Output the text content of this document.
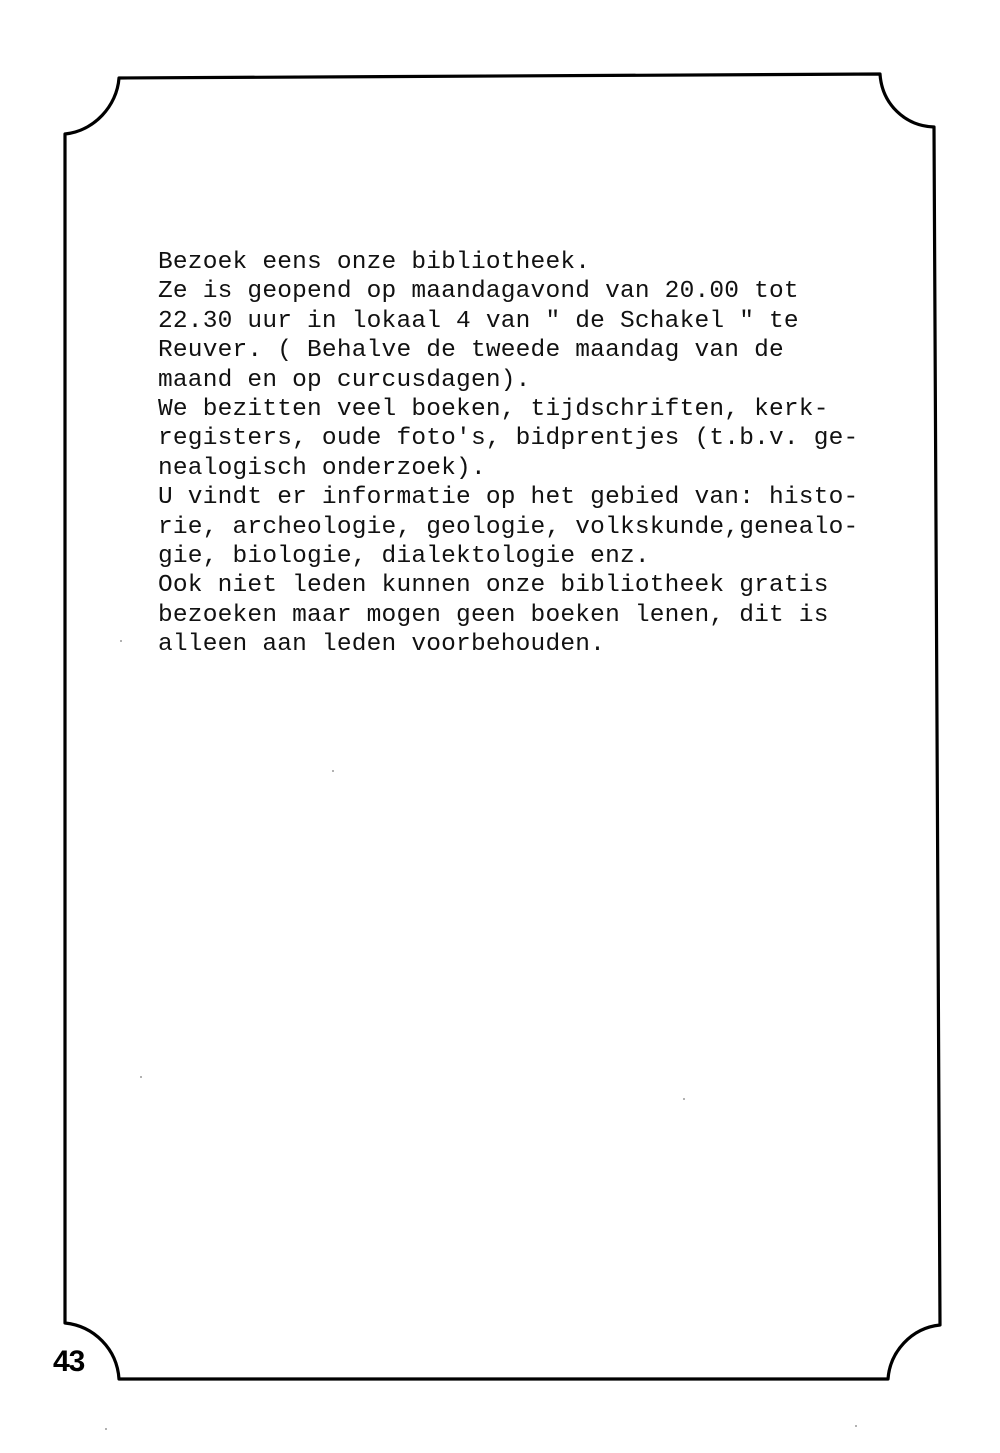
Bezoek eens onze bibliotheek.
Ze is geopend op maandagavond van 20.00 tot
22.30 uur in lokaal 4 van " de Schakel " te
Reuver. ( Behalve de tweede maandag van de
maand en op curcusdagen).
We bezitten veel boeken, tijdschriften, kerk-
registers, oude foto's, bidprentjes (t.b.v. ge-
nealogisch onderzoek).
U vindt er informatie op het gebied van: histo-
rie, archeologie, geologie, volkskunde,genealo-
gie, biologie, dialektologie enz.
Ook niet leden kunnen onze bibliotheek gratis
bezoeken maar mogen geen boeken lenen, dit is
alleen aan leden voorbehouden.
43
